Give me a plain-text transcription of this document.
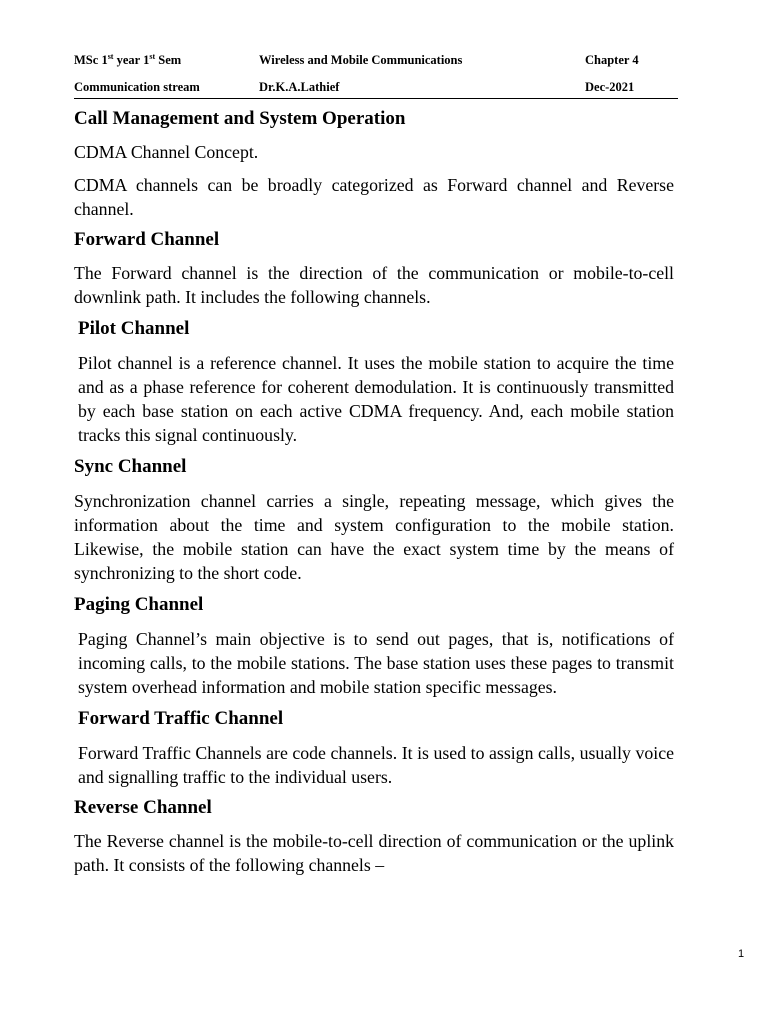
MSc 1st year 1st Sem	Wireless and Mobile Communications	Chapter 4
Communication stream	Dr.K.A.Lathief	Dec-2021
Call Management and System Operation

CDMA Channel Concept.

CDMA channels can be broadly categorized as Forward channel and Reverse channel.

Forward Channel

The Forward channel is the direction of the communication or mobile-to-cell downlink path. It includes the following channels.

Pilot Channel

Pilot channel is a reference channel. It uses the mobile station to acquire the time and as a phase reference for coherent demodulation. It is continuously transmitted by each base station on each active CDMA frequency. And, each mobile station tracks this signal continuously.

Sync Channel

Synchronization channel carries a single, repeating message, which gives the information about the time and system configuration to the mobile station. Likewise, the mobile station can have the exact system time by the means of synchronizing to the short code.

Paging Channel

Paging Channel’s main objective is to send out pages, that is, notifications of incoming calls, to the mobile stations. The base station uses these pages to transmit system overhead information and mobile station specific messages.

Forward Traffic Channel

Forward Traffic Channels are code channels. It is used to assign calls, usually voice and signalling traffic to the individual users.

Reverse Channel

The Reverse channel is the mobile-to-cell direction of communication or the uplink path. It consists of the following channels –

1
